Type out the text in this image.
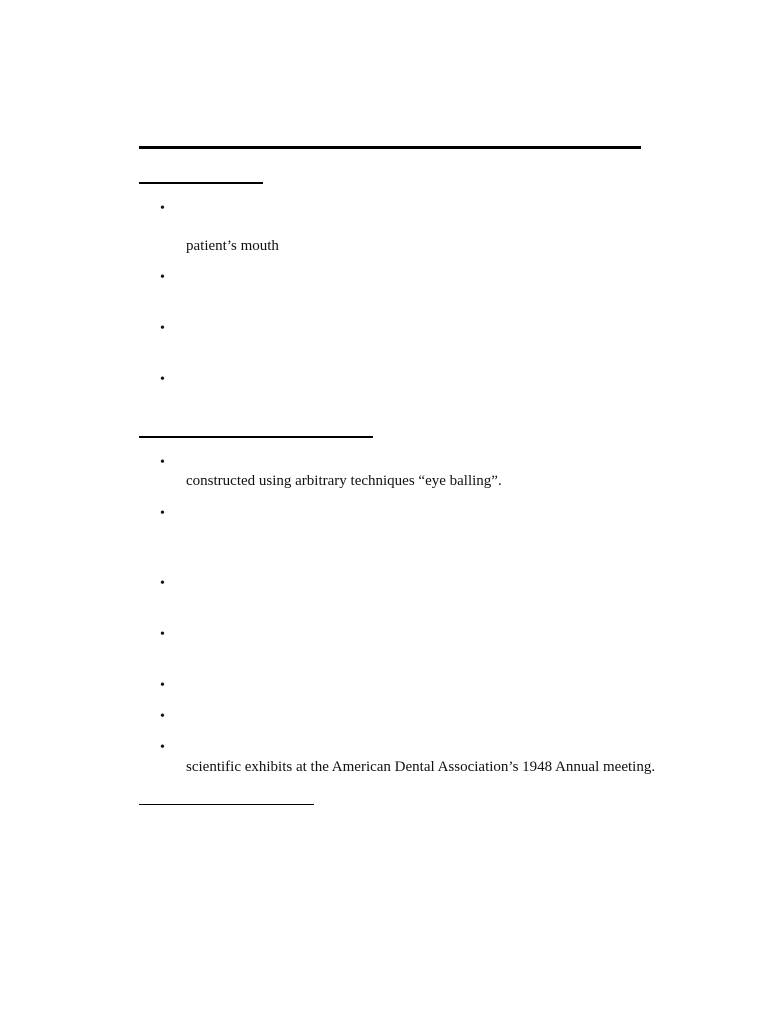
•
patient’s mouth
•
•
•
•
constructed using arbitrary techniques “eye balling”.
•
•
•
•
•
•
scientific exhibits at the American Dental Association’s 1948 Annual meeting.
